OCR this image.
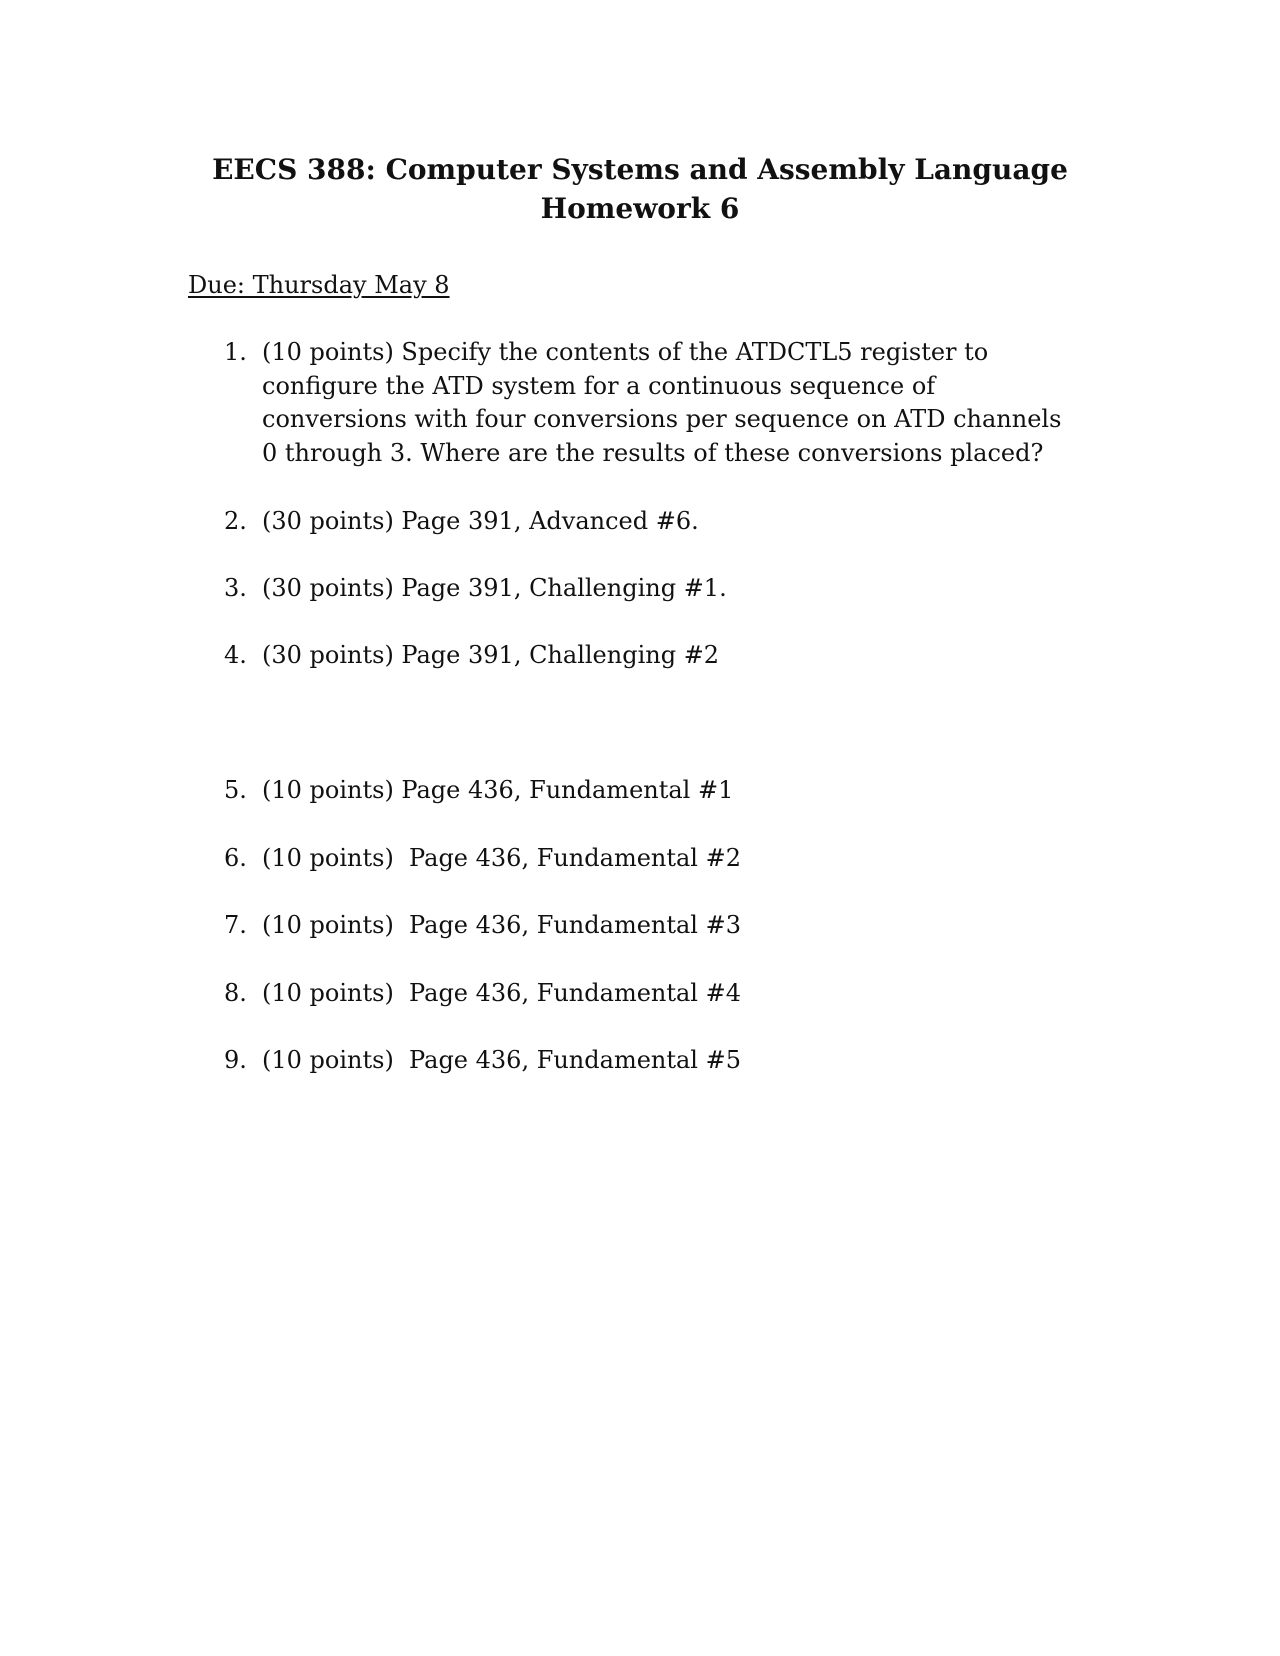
EECS 388: Computer Systems and Assembly Language
Homework 6

Due: Thursday May 8

1. (10 points) Specify the contents of the ATDCTL5 register to configure the ATD system for a continuous sequence of conversions with four conversions per sequence on ATD channels 0 through 3. Where are the results of these conversions placed?
2. (30 points) Page 391, Advanced #6.
3. (30 points) Page 391, Challenging #1.
4. (30 points) Page 391, Challenging #2
5. (10 points) Page 436, Fundamental #1
6. (10 points)  Page 436, Fundamental #2
7. (10 points)  Page 436, Fundamental #3
8. (10 points)  Page 436, Fundamental #4
9. (10 points)  Page 436, Fundamental #5
